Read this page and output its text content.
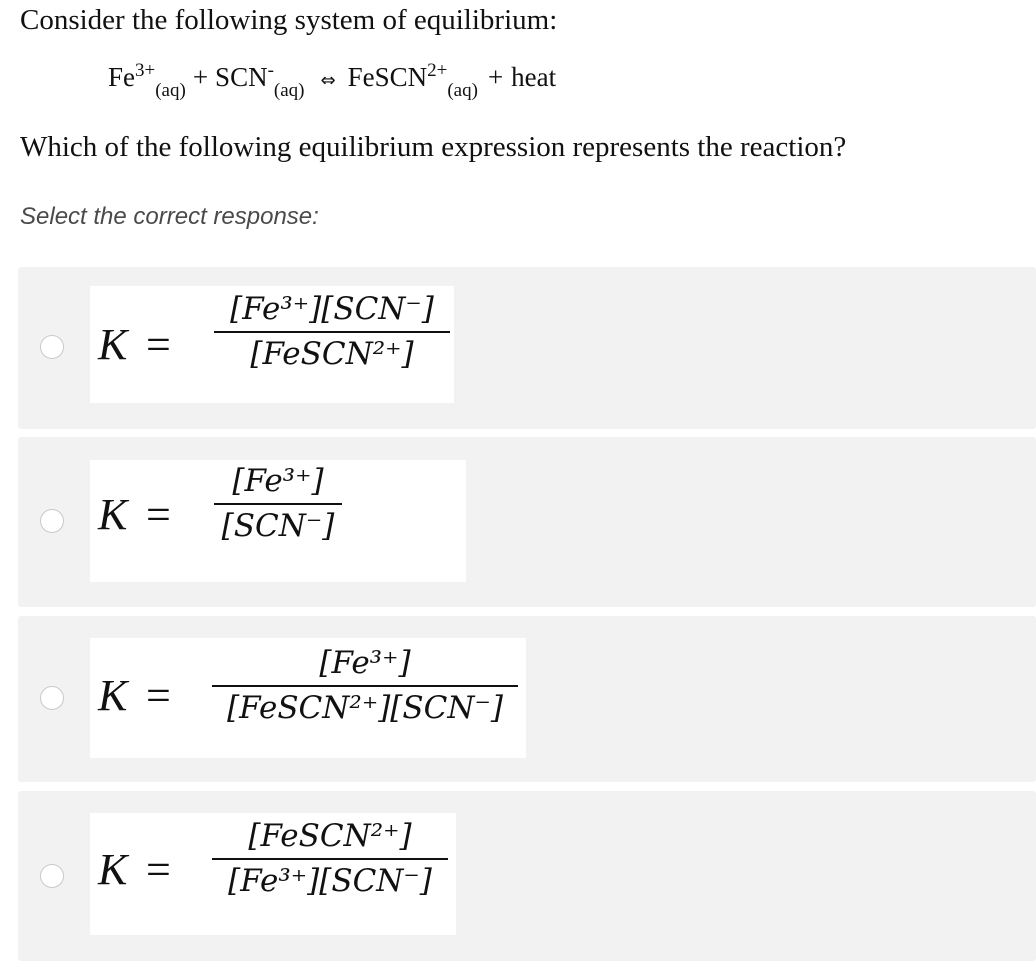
Consider the following system of equilibrium:
$Fe^{3+}_{(aq)} + SCN^-_{(aq)}$ ⇔ FeSCN$^{2+}_{(aq)}$ + heat
Which of the following equilibrium expression represents the reaction?
Select the correct response:
K =
[Fe³⁺][SCN⁻]
[FeSCN²⁺]
K =
[Fe³⁺]
[SCN⁻]
K =
[Fe³⁺]
[FeSCN²⁺][SCN⁻]
K =
[FeSCN²⁺]
[Fe³⁺][SCN⁻]
